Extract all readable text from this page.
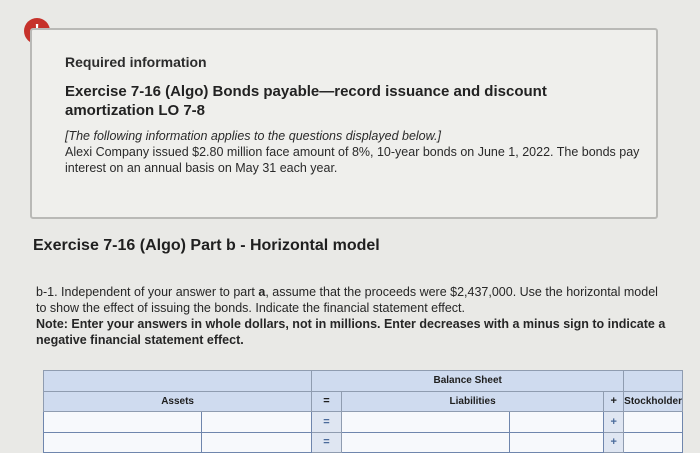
Required information
Exercise 7-16 (Algo) Bonds payable—record issuance and discount amortization LO 7-8
[The following information applies to the questions displayed below.]
Alexi Company issued $2.80 million face amount of 8%, 10-year bonds on June 1, 2022. The bonds pay interest on an annual basis on May 31 each year.
Exercise 7-16 (Algo) Part b - Horizontal model
b-1. Independent of your answer to part a, assume that the proceeds were $2,437,000. Use the horizontal model to show the effect of issuing the bonds. Indicate the financial statement effect.
Note: Enter your answers in whole dollars, not in millions. Enter decreases with a minus sign to indicate a negative financial statement effect.
		Balance Sheet				
Assets		=	Liabilities		+	Stockholder
		=			+	
		=			+	
